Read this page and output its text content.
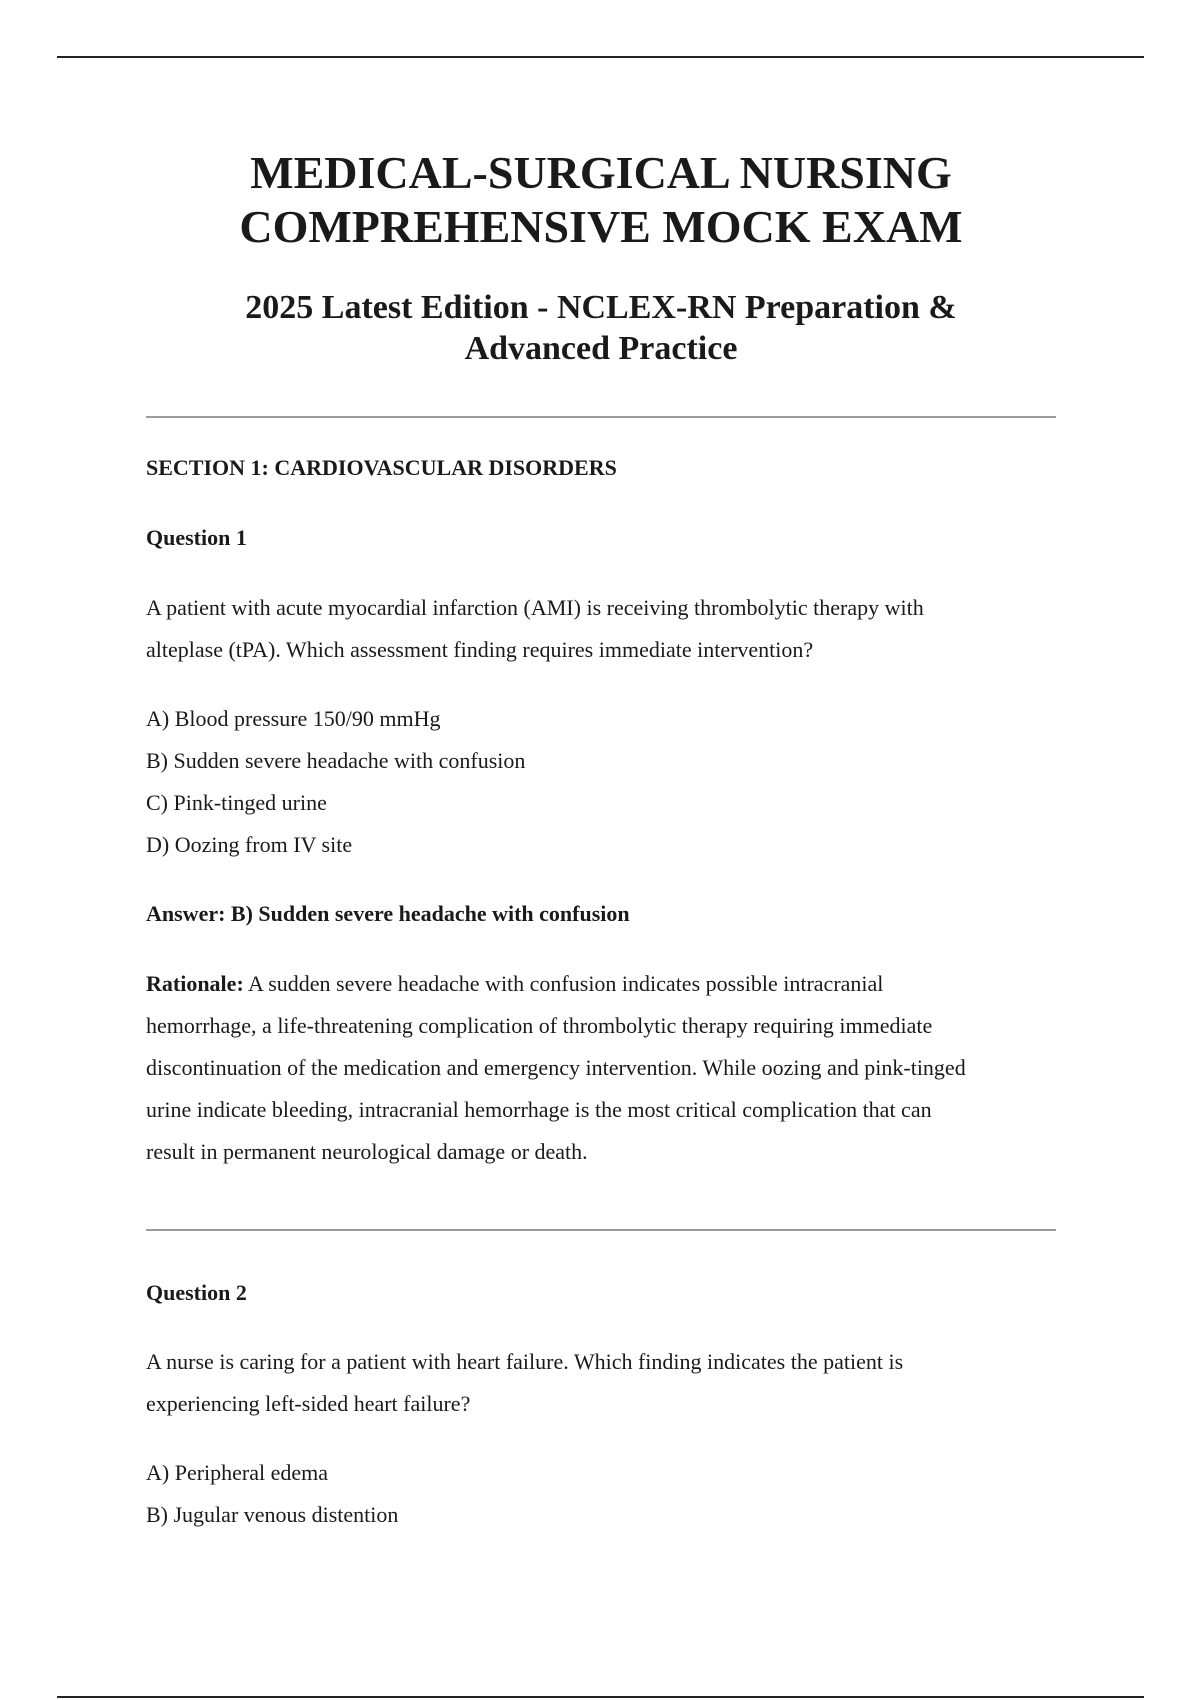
MEDICAL-SURGICAL NURSING
COMPREHENSIVE MOCK EXAM
2025 Latest Edition - NCLEX-RN Preparation &
Advanced Practice
SECTION 1: CARDIOVASCULAR DISORDERS
Question 1

A patient with acute myocardial infarction (AMI) is receiving thrombolytic therapy with
alteplase (tPA). Which assessment finding requires immediate intervention?

A) Blood pressure 150/90 mmHg
B) Sudden severe headache with confusion
C) Pink-tinged urine
D) Oozing from IV site

Answer: B) Sudden severe headache with confusion

Rationale: A sudden severe headache with confusion indicates possible intracranial
hemorrhage, a life-threatening complication of thrombolytic therapy requiring immediate
discontinuation of the medication and emergency intervention. While oozing and pink-tinged
urine indicate bleeding, intracranial hemorrhage is the most critical complication that can
result in permanent neurological damage or death.

Question 2

A nurse is caring for a patient with heart failure. Which finding indicates the patient is
experiencing left-sided heart failure?

A) Peripheral edema
B) Jugular venous distention
